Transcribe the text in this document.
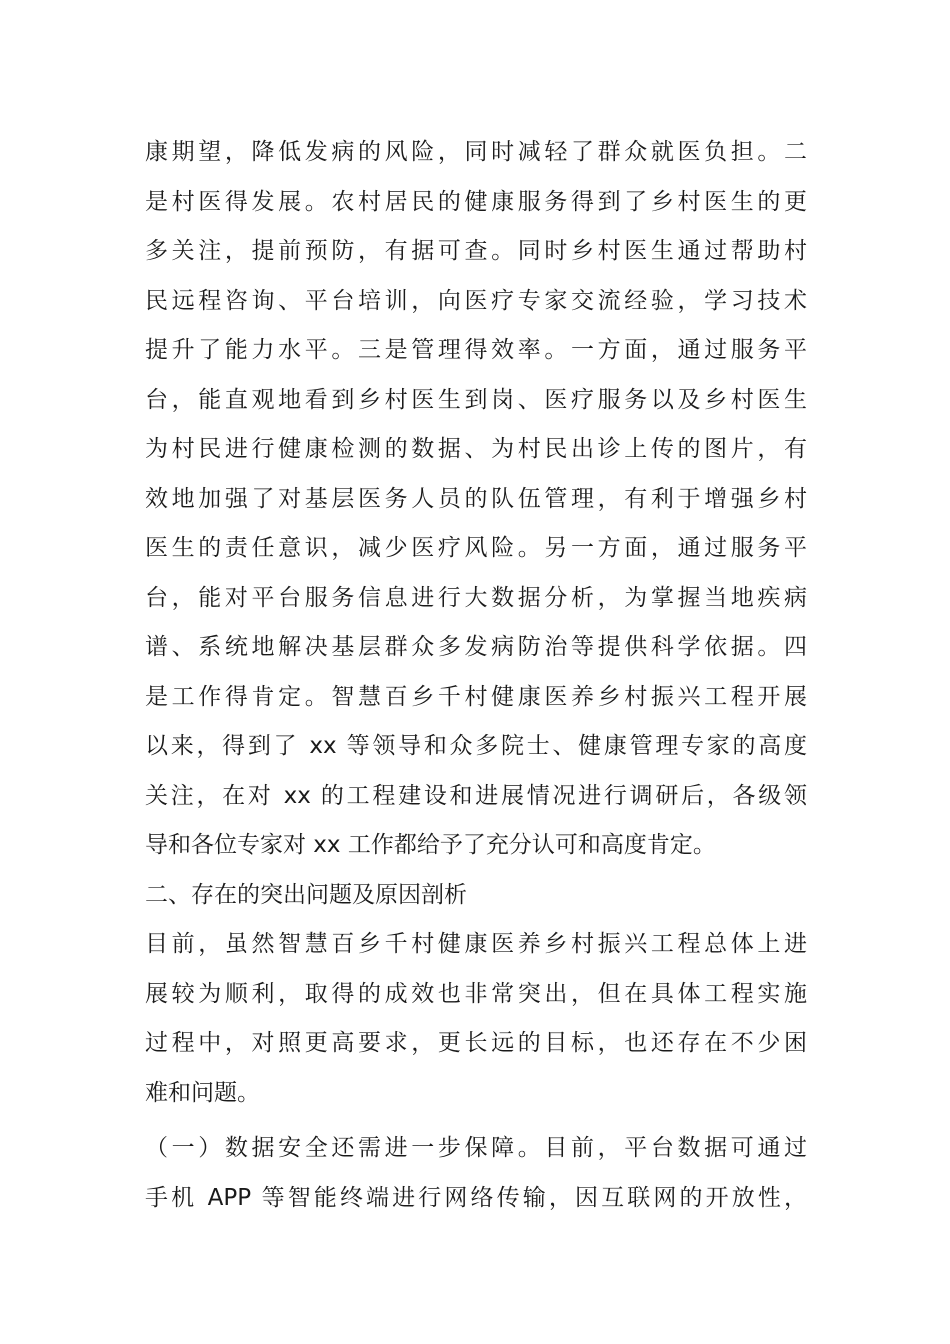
康期望，降低发病的风险，同时减轻了群众就医负担。二
是村医得发展。农村居民的健康服务得到了乡村医生的更
多关注，提前预防，有据可查。同时乡村医生通过帮助村
民远程咨询、平台培训，向医疗专家交流经验，学习技术
提升了能力水平。三是管理得效率。一方面，通过服务平
台，能直观地看到乡村医生到岗、医疗服务以及乡村医生
为村民进行健康检测的数据、为村民出诊上传的图片，有
效地加强了对基层医务人员的队伍管理，有利于增强乡村
医生的责任意识，减少医疗风险。另一方面，通过服务平
台，能对平台服务信息进行大数据分析，为掌握当地疾病
谱、系统地解决基层群众多发病防治等提供科学依据。四
是工作得肯定。智慧百乡千村健康医养乡村振兴工程开展
以来，得到了 xx 等领导和众多院士、健康管理专家的高度
关注，在对 xx 的工程建设和进展情况进行调研后，各级领
导和各位专家对 xx 工作都给予了充分认可和高度肯定。
二、存在的突出问题及原因剖析
目前，虽然智慧百乡千村健康医养乡村振兴工程总体上进
展较为顺利，取得的成效也非常突出，但在具体工程实施
过程中，对照更高要求，更长远的目标，也还存在不少困
难和问题。
（一）数据安全还需进一步保障。目前，平台数据可通过
手机 APP 等智能终端进行网络传输，因互联网的开放性，
